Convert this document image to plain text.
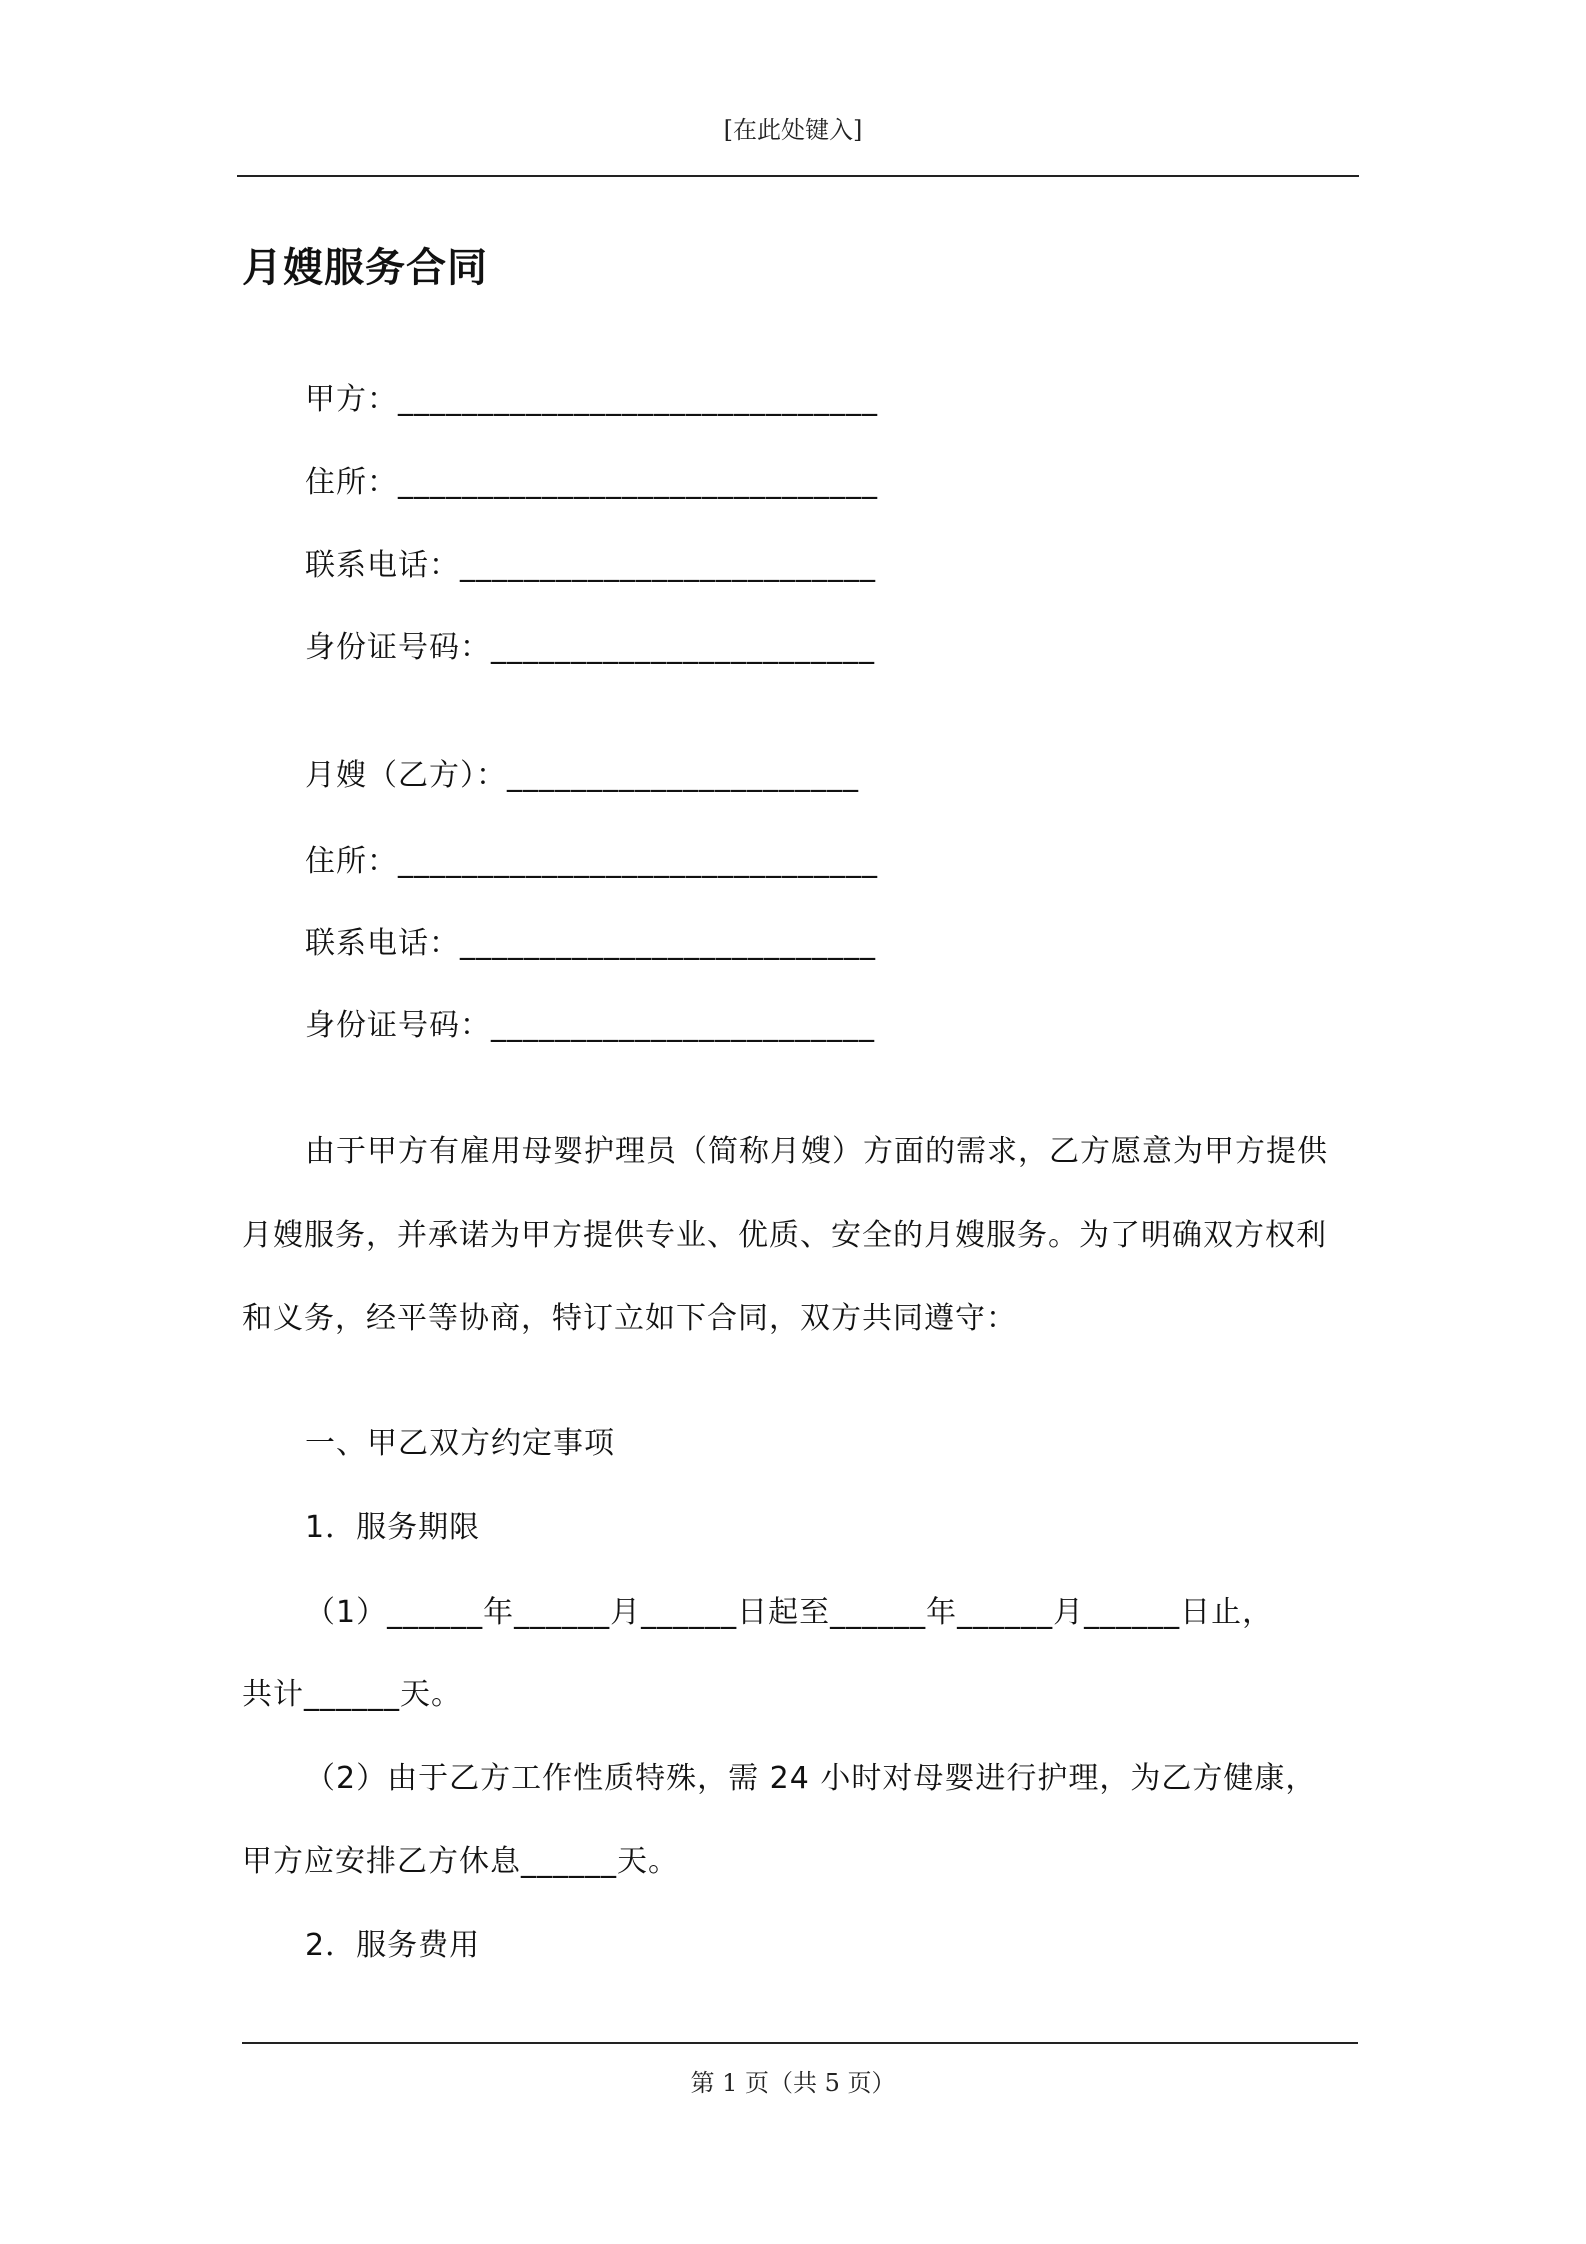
[在此处键入]
月嫂服务合同
甲方：______________________________
住所：______________________________
联系电话：__________________________
身份证号码：________________________
月嫂（乙方）：______________________
住所：______________________________
联系电话：__________________________
身份证号码：________________________
由于甲方有雇用母婴护理员（简称月嫂）方面的需求，乙方愿意为甲方提供
月嫂服务，并承诺为甲方提供专业、优质、安全的月嫂服务。为了明确双方权利
和义务，经平等协商，特订立如下合同，双方共同遵守：
一、甲乙双方约定事项
1．服务期限
（1）______年______月______日起至______年______月______日止，
共计______天。
（2）由于乙方工作性质特殊，需 24 小时对母婴进行护理，为乙方健康，
甲方应安排乙方休息______天。
2．服务费用
第 1 页（共 5 页）
